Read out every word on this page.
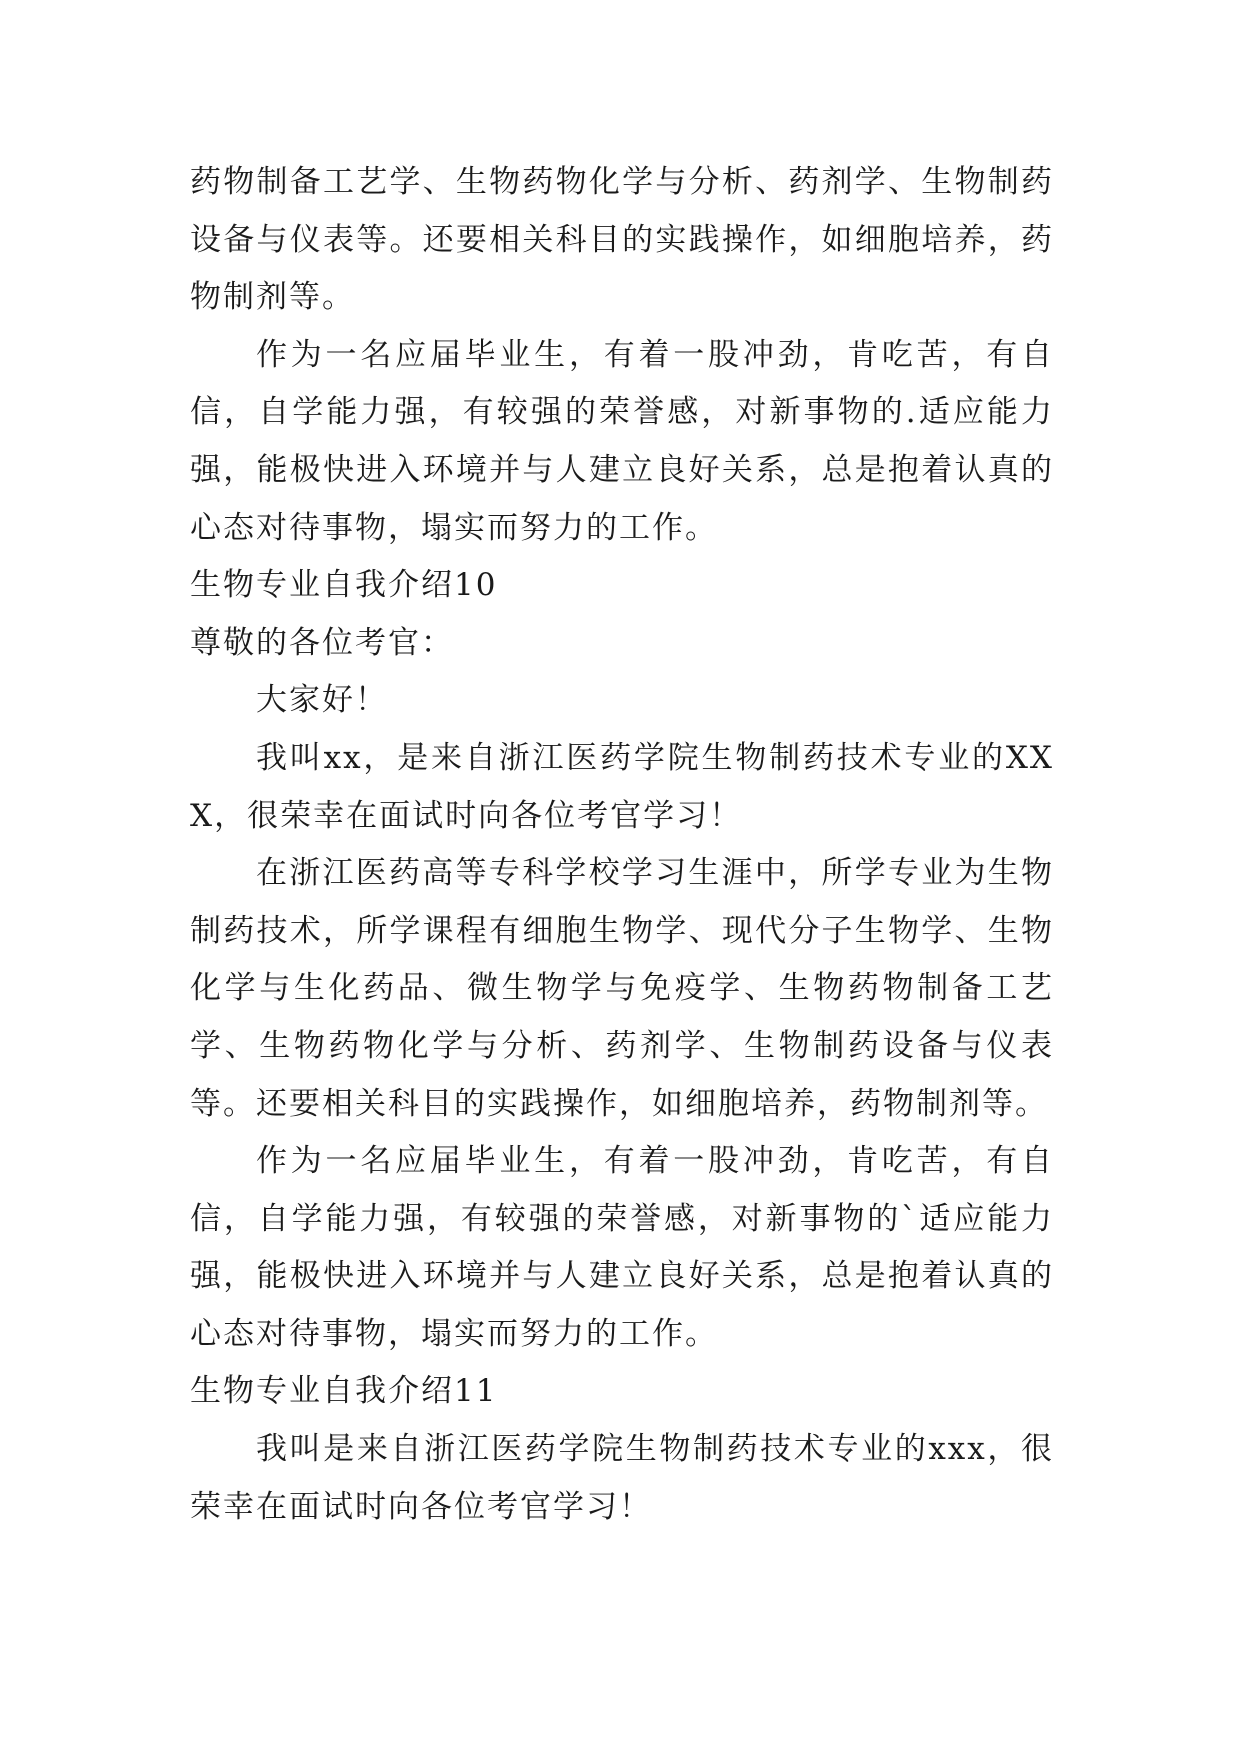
药物制备工艺学、生物药物化学与分析、药剂学、生物制药设备与仪表等。还要相关科目的实践操作，如细胞培养，药物制剂等。

作为一名应届毕业生，有着一股冲劲，肯吃苦，有自信，自学能力强，有较强的荣誉感，对新事物的.适应能力强，能极快进入环境并与人建立良好关系，总是抱着认真的心态对待事物，塌实而努力的工作。

生物专业自我介绍10

尊敬的各位考官：

大家好！

我叫xx，是来自浙江医药学院生物制药技术专业的XXX，很荣幸在面试时向各位考官学习！

在浙江医药高等专科学校学习生涯中，所学专业为生物制药技术，所学课程有细胞生物学、现代分子生物学、生物化学与生化药品、微生物学与免疫学、生物药物制备工艺学、生物药物化学与分析、药剂学、生物制药设备与仪表等。还要相关科目的实践操作，如细胞培养，药物制剂等。

作为一名应届毕业生，有着一股冲劲，肯吃苦，有自信，自学能力强，有较强的荣誉感，对新事物的`适应能力强，能极快进入环境并与人建立良好关系，总是抱着认真的心态对待事物，塌实而努力的工作。

生物专业自我介绍11

我叫是来自浙江医药学院生物制药技术专业的xxx，很荣幸在面试时向各位考官学习！
